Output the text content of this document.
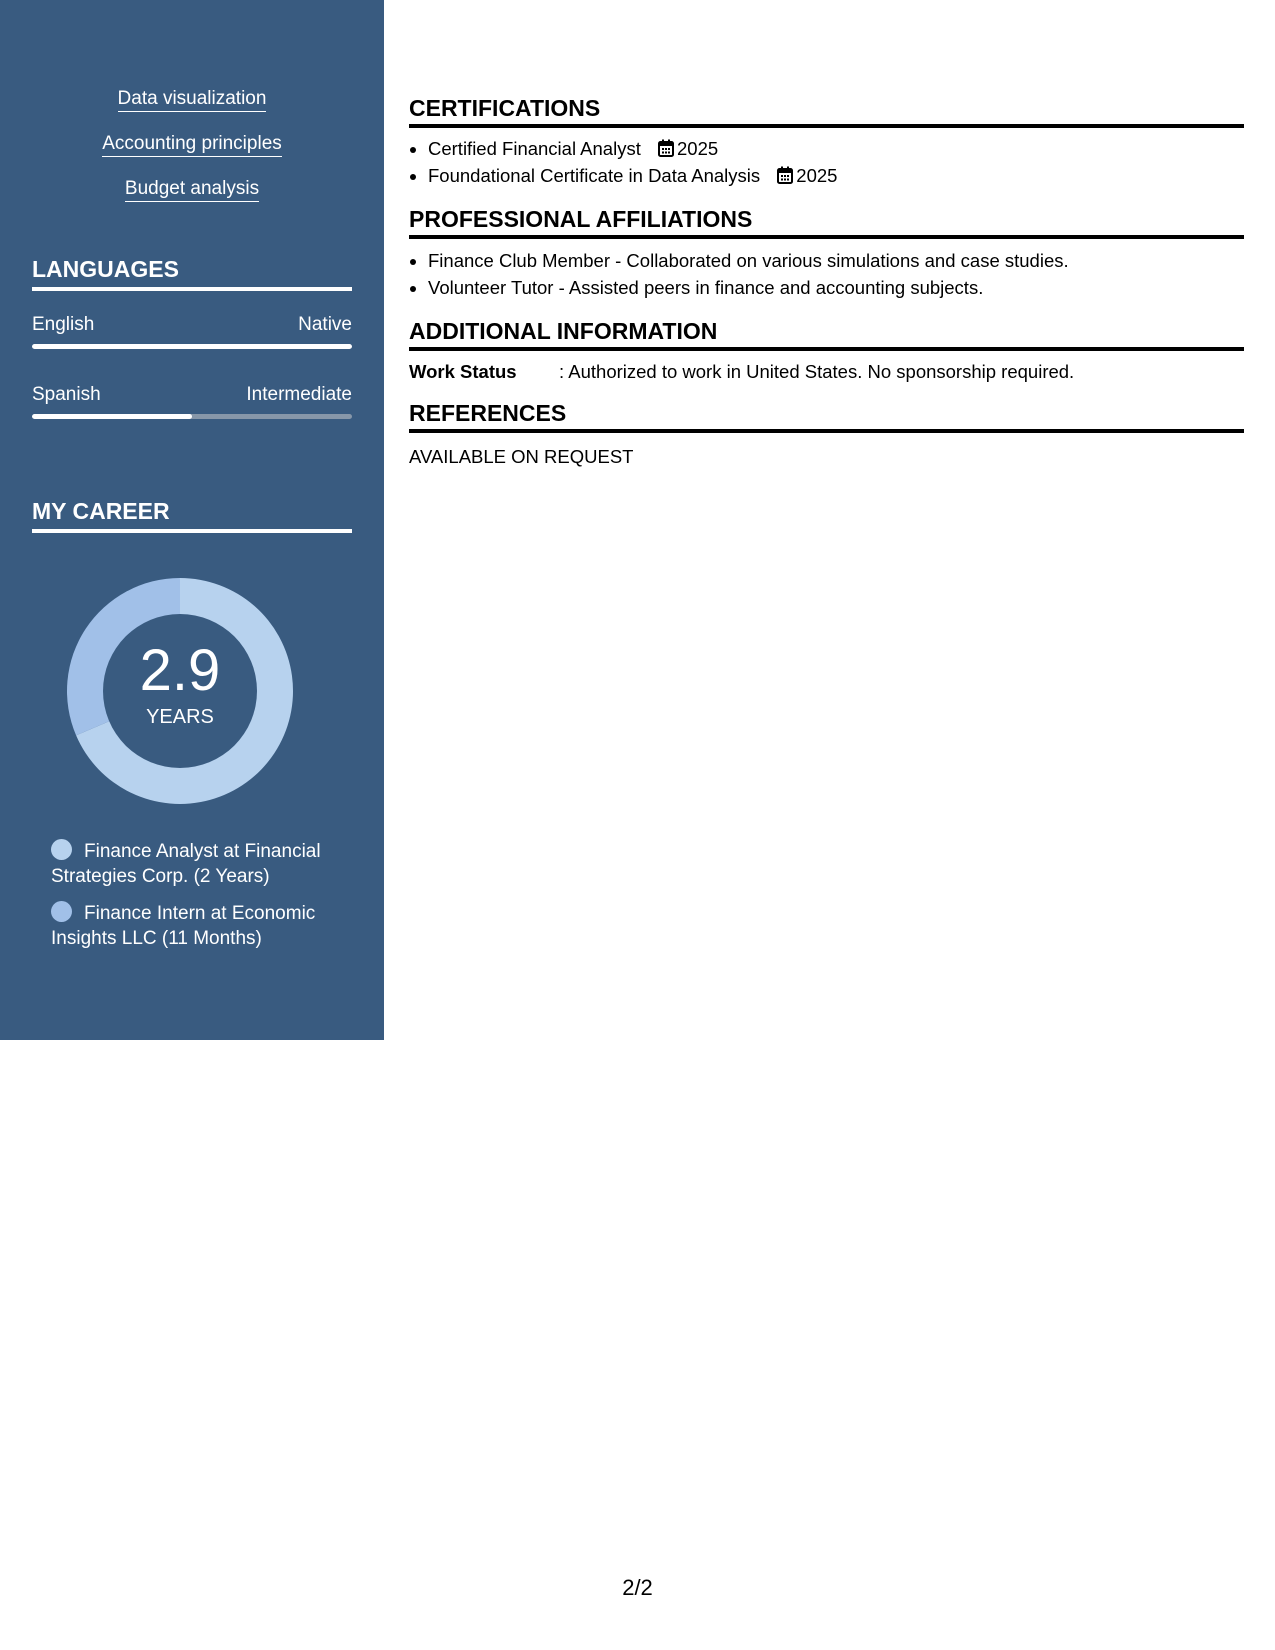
Data visualization
Accounting principles
Budget analysis
LANGUAGES
English	Native
Spanish	Intermediate
MY CAREER
2.9
YEARS
Finance Analyst at Financial Strategies Corp. (2 Years)
Finance Intern at Economic Insights LLC (11 Months)
CERTIFICATIONS
• Certified Financial Analyst 2025
• Foundational Certificate in Data Analysis 2025
PROFESSIONAL AFFILIATIONS
• Finance Club Member - Collaborated on various simulations and case studies.
• Volunteer Tutor - Assisted peers in finance and accounting subjects.
ADDITIONAL INFORMATION
Work Status : Authorized to work in United States. No sponsorship required.
REFERENCES
AVAILABLE ON REQUEST
2/2
